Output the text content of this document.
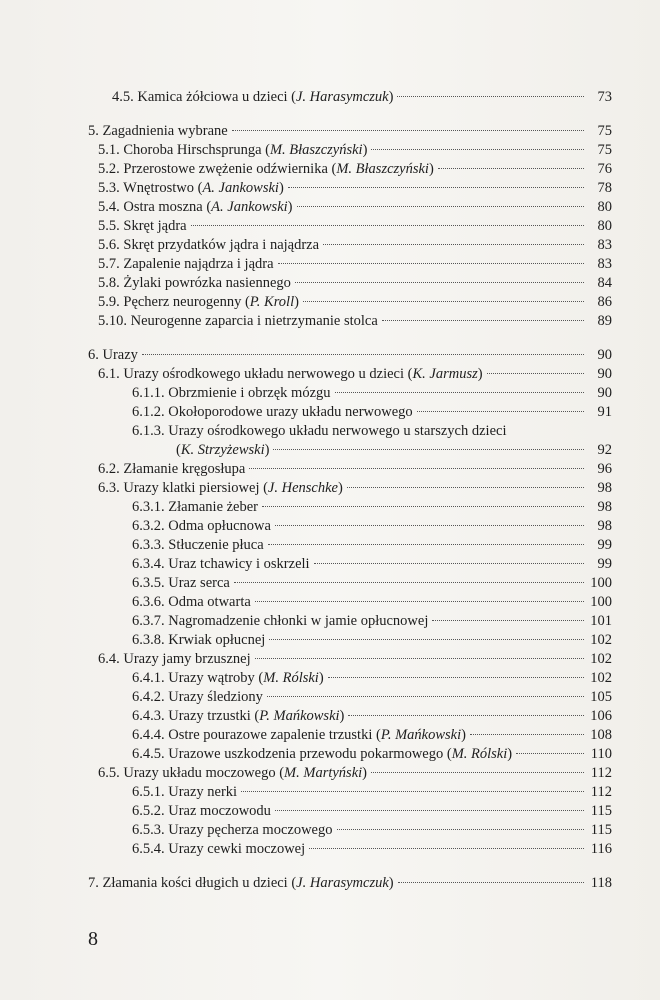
4.5. Kamica żółciowa u dzieci (J. Harasymczuk)	73
5. Zagadnienia wybrane	75
5.1. Choroba Hirschsprunga (M. Błaszczyński)	75
5.2. Przerostowe zwężenie odźwiernika (M. Błaszczyński)	76
5.3. Wnętrostwo (A. Jankowski)	78
5.4. Ostra moszna (A. Jankowski)	80
5.5. Skręt jądra	80
5.6. Skręt przydatków jądra i najądrza	83
5.7. Zapalenie najądrza i jądra	83
5.8. Żylaki powrózka nasiennego	84
5.9. Pęcherz neurogenny (P. Kroll)	86
5.10. Neurogenne zaparcia i nietrzymanie stolca	89
6. Urazy	90
6.1. Urazy ośrodkowego układu nerwowego u dzieci (K. Jarmusz)	90
6.1.1. Obrzmienie i obrzęk mózgu	90
6.1.2. Okołoporodowe urazy układu nerwowego	91
6.1.3. Urazy ośrodkowego układu nerwowego u starszych dzieci
(K. Strzyżewski)	92
6.2. Złamanie kręgosłupa	96
6.3. Urazy klatki piersiowej (J. Henschke)	98
6.3.1. Złamanie żeber	98
6.3.2. Odma opłucnowa	98
6.3.3. Stłuczenie płuca	99
6.3.4. Uraz tchawicy i oskrzeli	99
6.3.5. Uraz serca	100
6.3.6. Odma otwarta	100
6.3.7. Nagromadzenie chłonki w jamie opłucnowej	101
6.3.8. Krwiak opłucnej	102
6.4. Urazy jamy brzusznej	102
6.4.1. Urazy wątroby (M. Rólski)	102
6.4.2. Urazy śledziony	105
6.4.3. Urazy trzustki (P. Mańkowski)	106
6.4.4. Ostre pourazowe zapalenie trzustki (P. Mańkowski)	108
6.4.5. Urazowe uszkodzenia przewodu pokarmowego (M. Rólski)	110
6.5. Urazy układu moczowego (M. Martyński)	112
6.5.1. Urazy nerki	112
6.5.2. Uraz moczowodu	115
6.5.3. Urazy pęcherza moczowego	115
6.5.4. Urazy cewki moczowej	116
7. Złamania kości długich u dzieci (J. Harasymczuk)	118
8
